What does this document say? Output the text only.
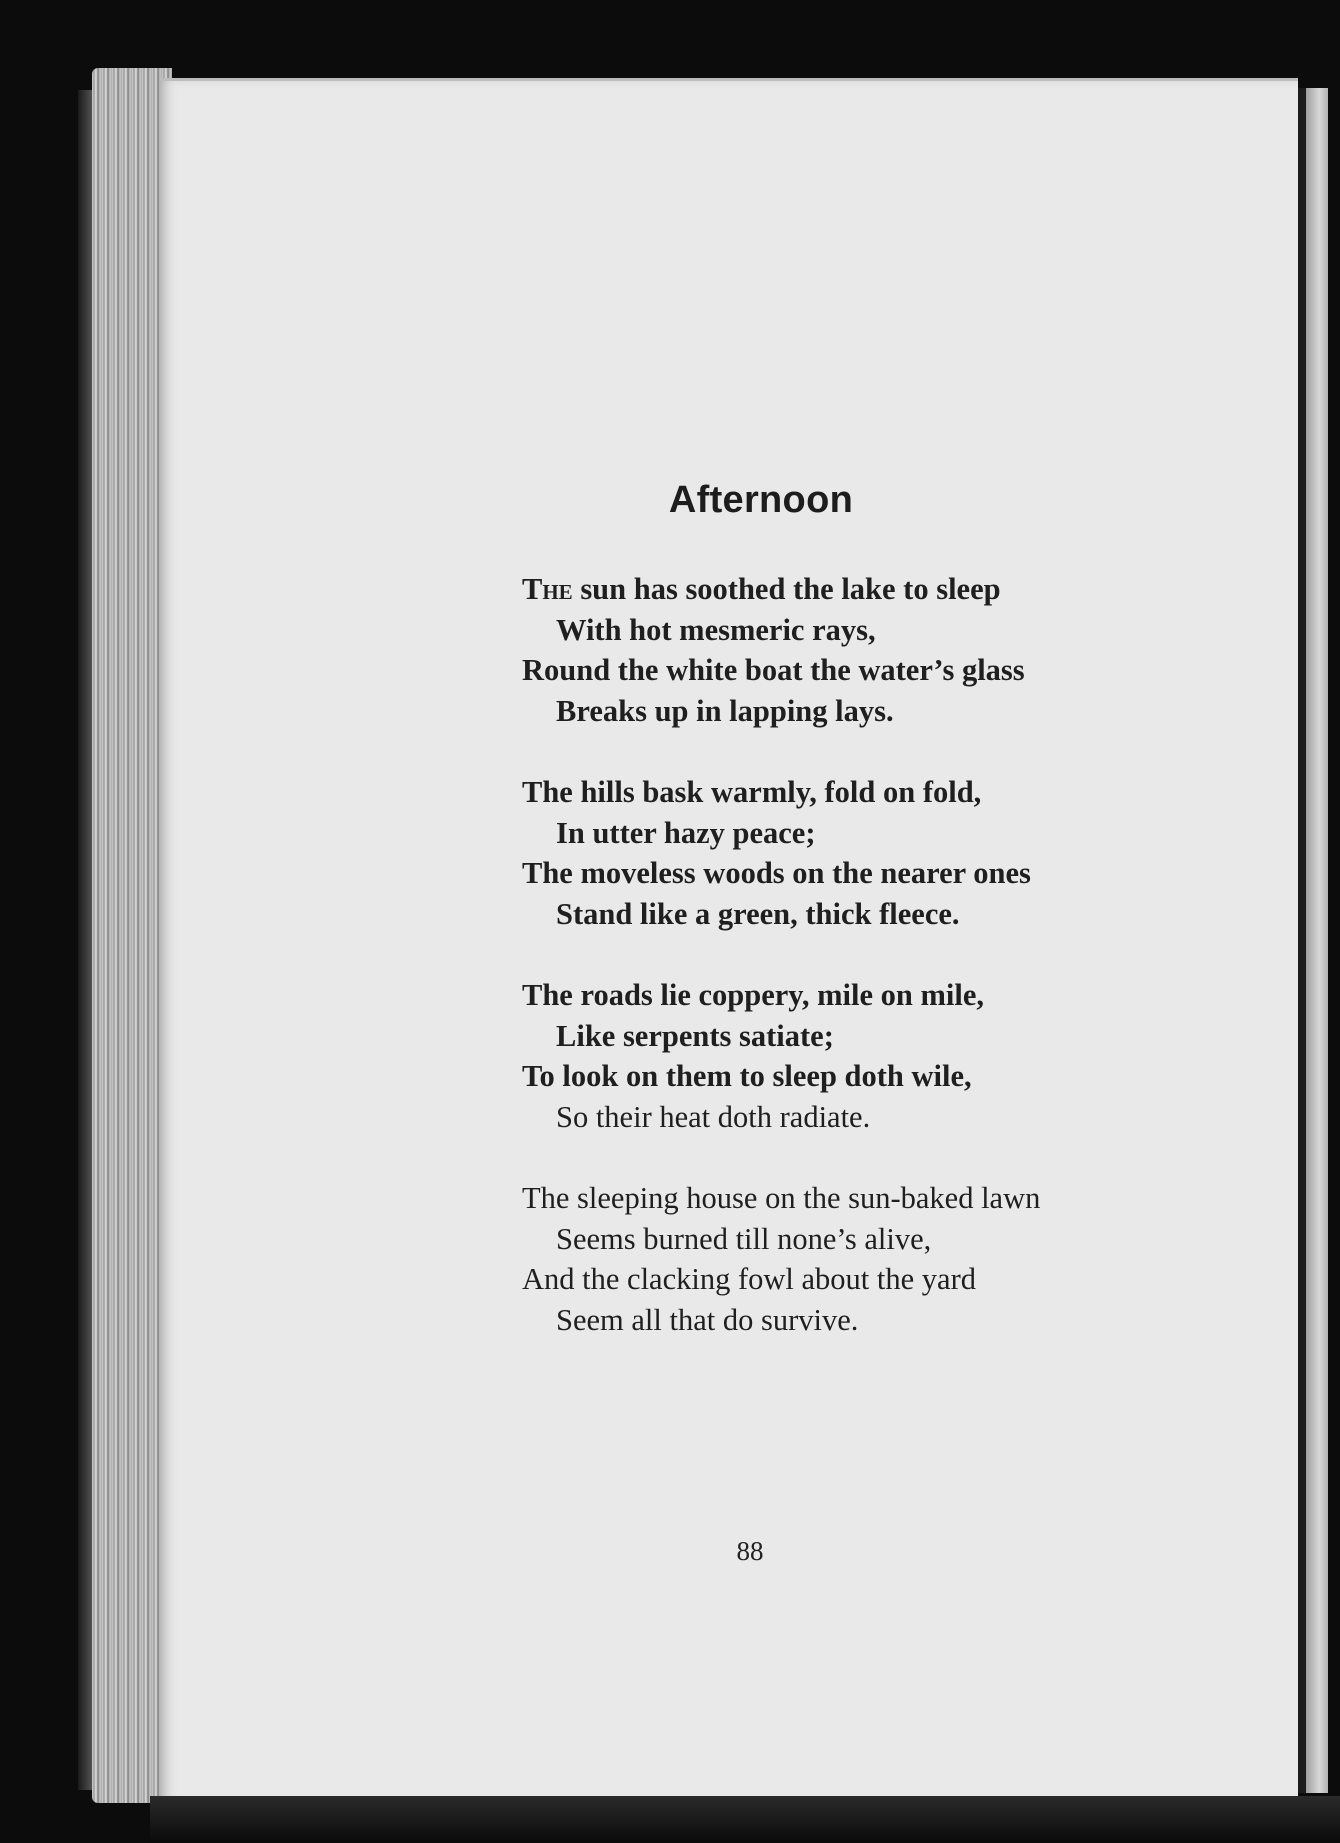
Afternoon
The sun has soothed the lake to sleep
With hot mesmeric rays,
Round the white boat the water’s glass
Breaks up in lapping lays.
The hills bask warmly, fold on fold,
In utter hazy peace;
The moveless woods on the nearer ones
Stand like a green, thick fleece.
The roads lie coppery, mile on mile,
Like serpents satiate;
To look on them to sleep doth wile,
So their heat doth radiate.
The sleeping house on the sun-baked lawn
Seems burned till none’s alive,
And the clacking fowl about the yard
Seem all that do survive.
88
